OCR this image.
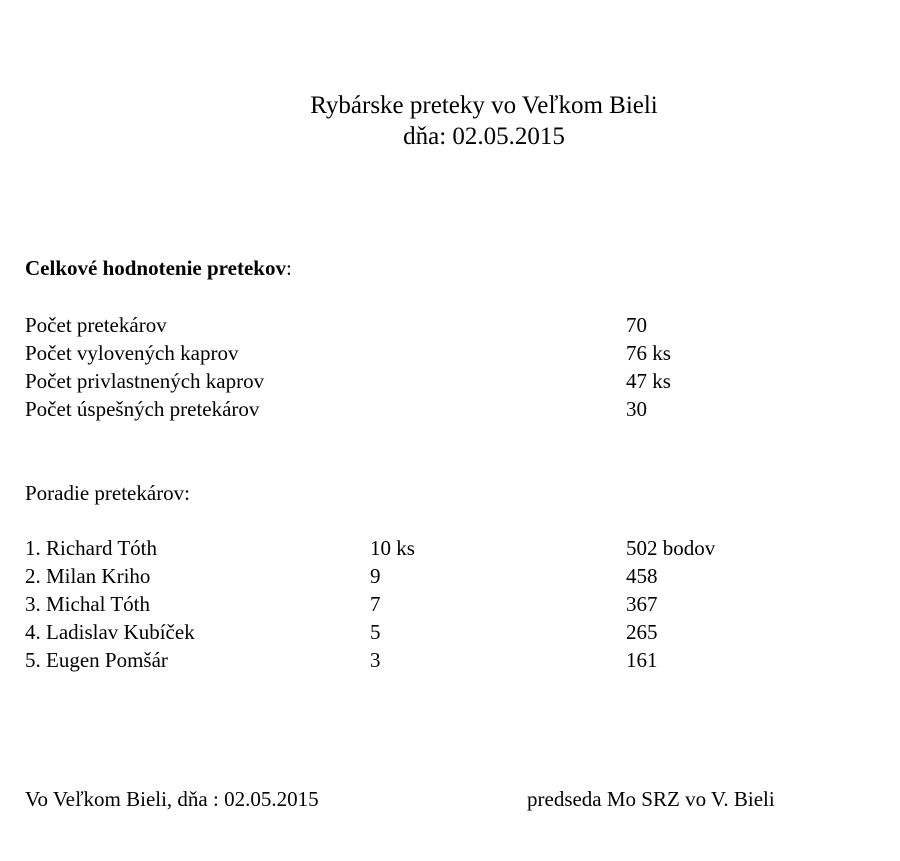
Rybárske preteky vo Veľkom Bieli
dňa: 02.05.2015
Celkové hodnotenie pretekov:
Počet pretekárov	70
Počet vylovených kaprov	76 ks
Počet privlastnených kaprov	47 ks
Počet úspešných pretekárov	30
Poradie pretekárov:
1. Richard Tóth	10 ks	502 bodov
2. Milan Kriho	9	458
3. Michal Tóth	7	367
4. Ladislav Kubíček	5	265
5. Eugen Pomšár	3	161
Vo Veľkom Bieli, dňa : 02.05.2015	predseda Mo SRZ vo V. Bieli
